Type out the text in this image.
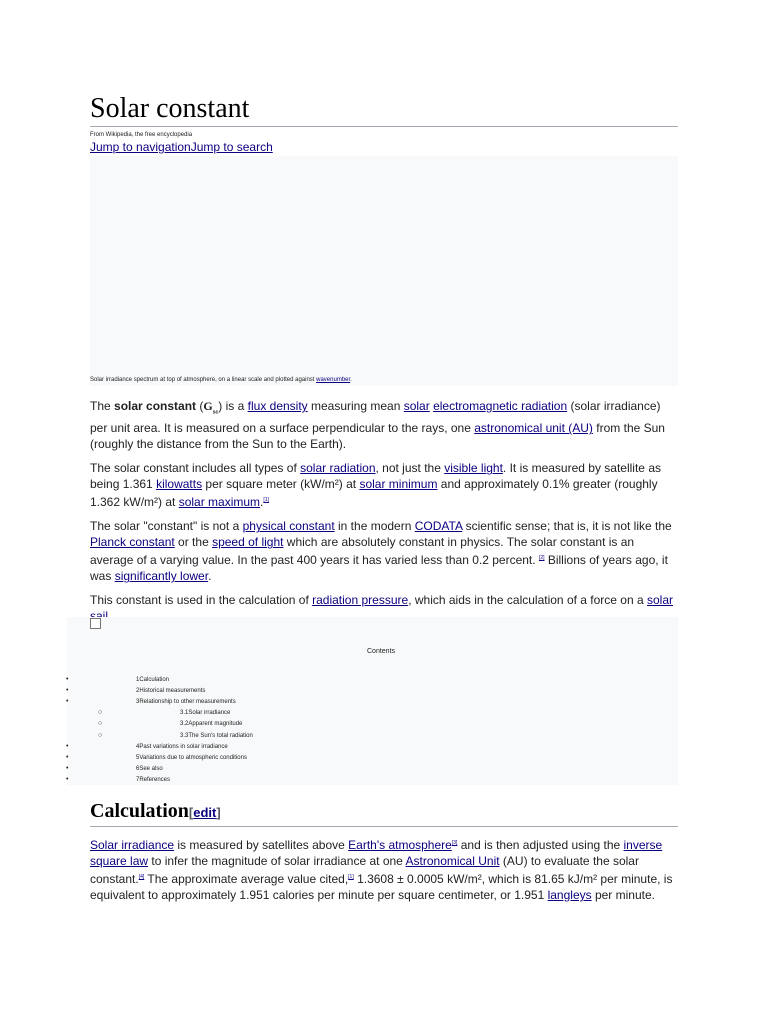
Solar constant
From Wikipedia, the free encyclopedia
Jump to navigationJump to search
Solar irradiance spectrum at top of atmosphere, on a linear scale and plotted against wavenumber.

The solar constant $(G_{sc})$ is a flux density measuring mean solar electromagnetic radiation (solar irradiance) per unit area. It is measured on a surface perpendicular to the rays, one astronomical unit (AU) from the Sun (roughly the distance from the Sun to the Earth).

The solar constant includes all types of solar radiation, not just the visible light. It is measured by satellite as being 1.361 kilowatts per square meter (kW/m²) at solar minimum and approximately 0.1% greater (roughly 1.362 kW/m²) at solar maximum.[1]

The solar "constant" is not a physical constant in the modern CODATA scientific sense; that is, it is not like the Planck constant or the speed of light which are absolutely constant in physics. The solar constant is an average of a varying value. In the past 400 years it has varied less than 0.2 percent. [2] Billions of years ago, it was significantly lower.

This constant is used in the calculation of radiation pressure, which aids in the calculation of a force on a solar

Contents
•	1Calculation
•	2Historical measurements
•	3Relationship to other measurements
○	3.1Solar irradiance
○	3.2Apparent magnitude
○	3.3The Sun's total radiation
•	4Past variations in solar irradiance
•	5Variations due to atmospheric conditions
•	6See also
•	7References
Calculation[edit]

Solar irradiance is measured by satellites above Earth's atmosphere[3] and is then adjusted using the inverse square law to infer the magnitude of solar irradiance at one Astronomical Unit (AU) to evaluate the solar constant.[4] The approximate average value cited,[1] 1.3608 ± 0.0005 kW/m², which is 81.65 kJ/m² per minute, is equivalent to approximately 1.951 calories per minute per square centimeter, or 1.951 langleys per minute.
